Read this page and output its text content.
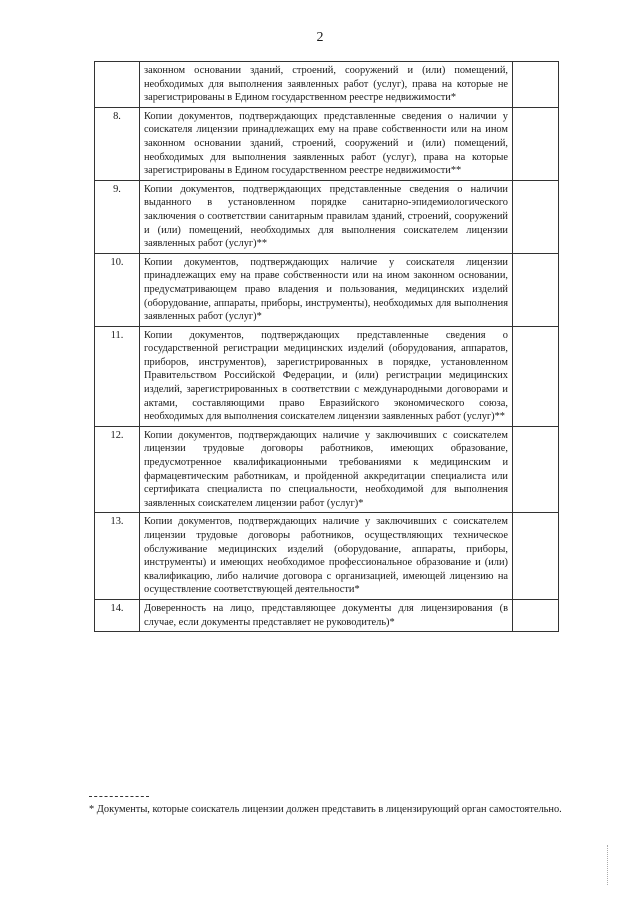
2
	законном основании зданий, строений, сооружений и (или) помещений, необходимых для выполнения заявленных работ (услуг), права на которые не зарегистрированы в Едином государственном реестре недвижимости*	
8.	Копии документов, подтверждающих представленные сведения о наличии у соискателя лицензии принадлежащих ему на праве собственности или на ином законном основании зданий, строений, сооружений и (или) помещений, необходимых для выполнения заявленных работ (услуг), права на которые зарегистрированы в Едином государственном реестре недвижимости**	
9.	Копии документов, подтверждающих представленные сведения о наличии выданного в установленном порядке санитарно-эпидемиологического заключения о соответствии санитарным правилам зданий, строений, сооружений и (или) помещений, необходимых для выполнения соискателем лицензии заявленных работ (услуг)**	
10.	Копии документов, подтверждающих наличие у соискателя лицензии принадлежащих ему на праве собственности или на ином законном основании, предусматривающем право владения и пользования, медицинских изделий (оборудование, аппараты, приборы, инструменты), необходимых для выполнения заявленных работ (услуг)*	
11.	Копии документов, подтверждающих представленные сведения о государственной регистрации медицинских изделий (оборудования, аппаратов, приборов, инструментов), зарегистрированных в порядке, установленном Правительством Российской Федерации, и (или) регистрации медицинских изделий, зарегистрированных в соответствии с международными договорами и актами, составляющими право Евразийского экономического союза, необходимых для выполнения соискателем лицензии заявленных работ (услуг)**	
12.	Копии документов, подтверждающих наличие у заключивших с соискателем лицензии трудовые договоры работников, имеющих образование, предусмотренное квалификационными требованиями к медицинским и фармацевтическим работникам, и пройденной аккредитации специалиста или сертификата специалиста по специальности, необходимой для выполнения заявленных соискателем лицензии работ (услуг)*	
13.	Копии документов, подтверждающих наличие у заключивших с соискателем лицензии трудовые договоры работников, осуществляющих техническое обслуживание медицинских изделий (оборудование, аппараты, приборы, инструменты) и имеющих необходимое профессиональное образование и (или) квалификацию, либо наличие договора с организацией, имеющей лицензию на осуществление соответствующей деятельности*	
14.	Доверенность на лицо, представляющее документы для лицензирования (в случае, если документы представляет не руководитель)*	
* Документы, которые соискатель лицензии должен представить в лицензирующий орган самостоятельно.
